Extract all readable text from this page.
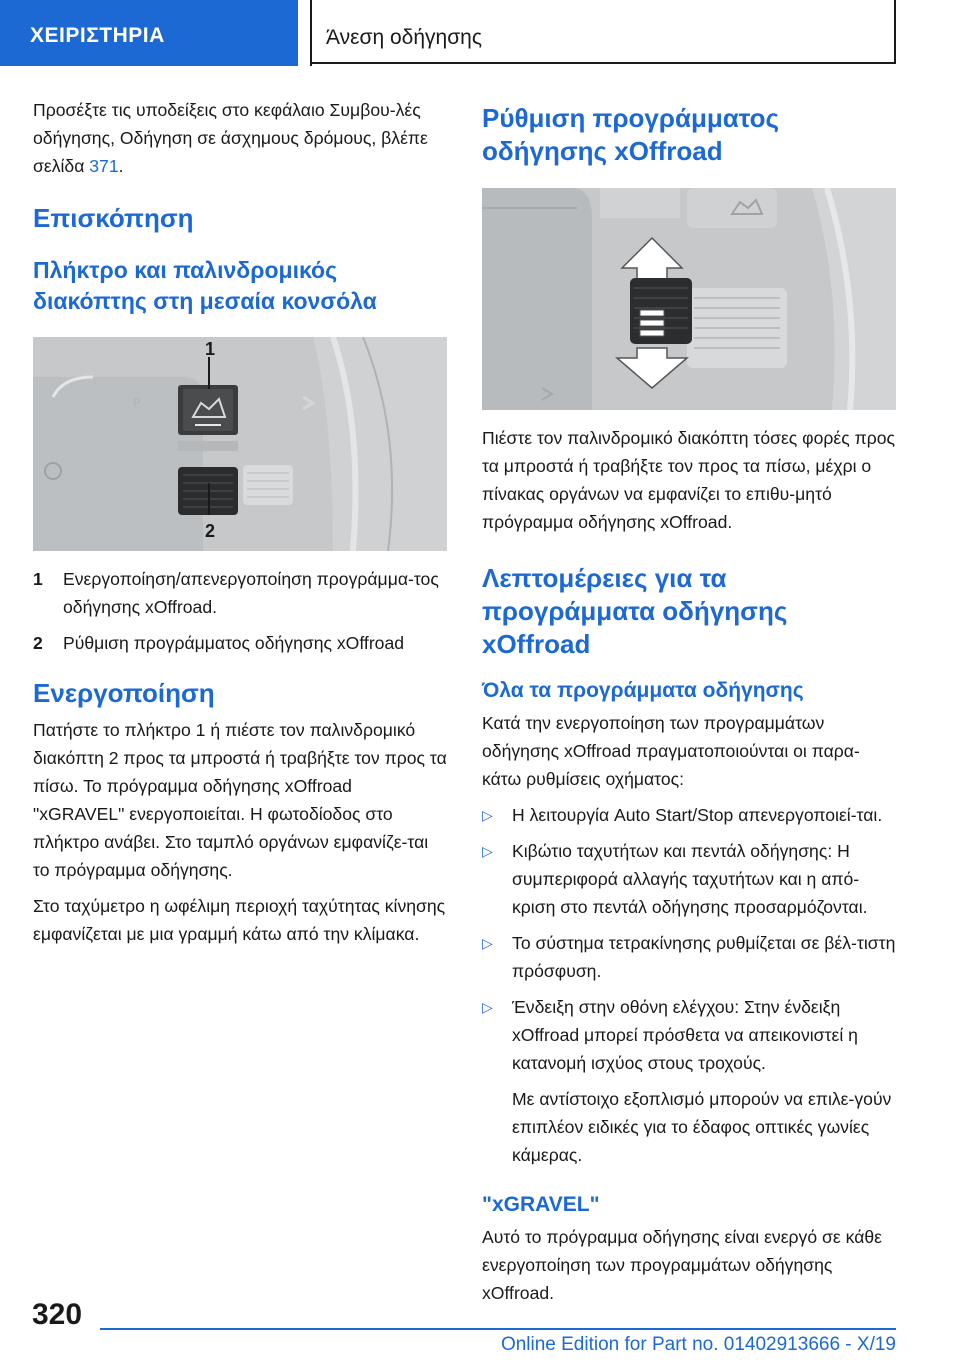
ΧΕΙΡΙΣΤΗΡΙΑ	Άνεση οδήγησης

Προσέξτε τις υποδείξεις στο κεφάλαιο Συμβου-λές οδήγησης, Οδήγηση σε άσχημους δρόμους, βλέπε σελίδα 371.

Επισκόπηση
Πλήκτρο και παλινδρομικός διακόπτης στη μεσαία κονσόλα
P
1
2
1 Ενεργοποίηση/απενεργοποίηση προγράμμα-τος οδήγησης xOffroad.
2 Ρύθμιση προγράμματος οδήγησης xOffroad
Ενεργοποίηση

Πατήστε το πλήκτρο 1 ή πιέστε τον παλινδρομικό διακόπτη 2 προς τα μπροστά ή τραβήξτε τον προς τα πίσω. Το πρόγραμμα οδήγησης xOffroad "xGRAVEL" ενεργοποιείται. Η φωτοδίοδος στο πλήκτρο ανάβει. Στο ταμπλό οργάνων εμφανίζε-ται το πρόγραμμα οδήγησης.

Στο ταχύμετρο η ωφέλιμη περιοχή ταχύτητας κίνησης εμφανίζεται με μια γραμμή κάτω από την κλίμακα.

Ρύθμιση προγράμματος οδήγησης xOffroad

Πιέστε τον παλινδρομικό διακόπτη τόσες φορές προς τα μπροστά ή τραβήξτε τον προς τα πίσω, μέχρι ο πίνακας οργάνων να εμφανίζει το επιθυ-μητό πρόγραμμα οδήγησης xOffroad.

Λεπτομέρειες για τα προγράμματα οδήγησης xOffroad
Όλα τα προγράμματα οδήγησης

Κατά την ενεργοποίηση των προγραμμάτων οδήγησης xOffroad πραγματοποιούνται οι παρα-κάτω ρυθμίσεις οχήματος:

▷ Η λειτουργία Auto Start/Stop απενεργοποιεί-ται.
▷ Κιβώτιο ταχυτήτων και πεντάλ οδήγησης: Η συμπεριφορά αλλαγής ταχυτήτων και η από-κριση στο πεντάλ οδήγησης προσαρμόζονται.
▷ Το σύστημα τετρακίνησης ρυθμίζεται σε βέλ-τιστη πρόσφυση.
▷ Ένδειξη στην οθόνη ελέγχου: Στην ένδειξη xOffroad μπορεί πρόσθετα να απεικονιστεί η κατανομή ισχύος στους τροχούς.
Με αντίστοιχο εξοπλισμό μπορούν να επιλε-γούν επιπλέον ειδικές για το έδαφος οπτικές γωνίες κάμερας.
"xGRAVEL"

Αυτό το πρόγραμμα οδήγησης είναι ενεργό σε κάθε ενεργοποίηση των προγραμμάτων οδήγησης xOffroad.

320
Online Edition for Part no. 01402913666 - X/19
